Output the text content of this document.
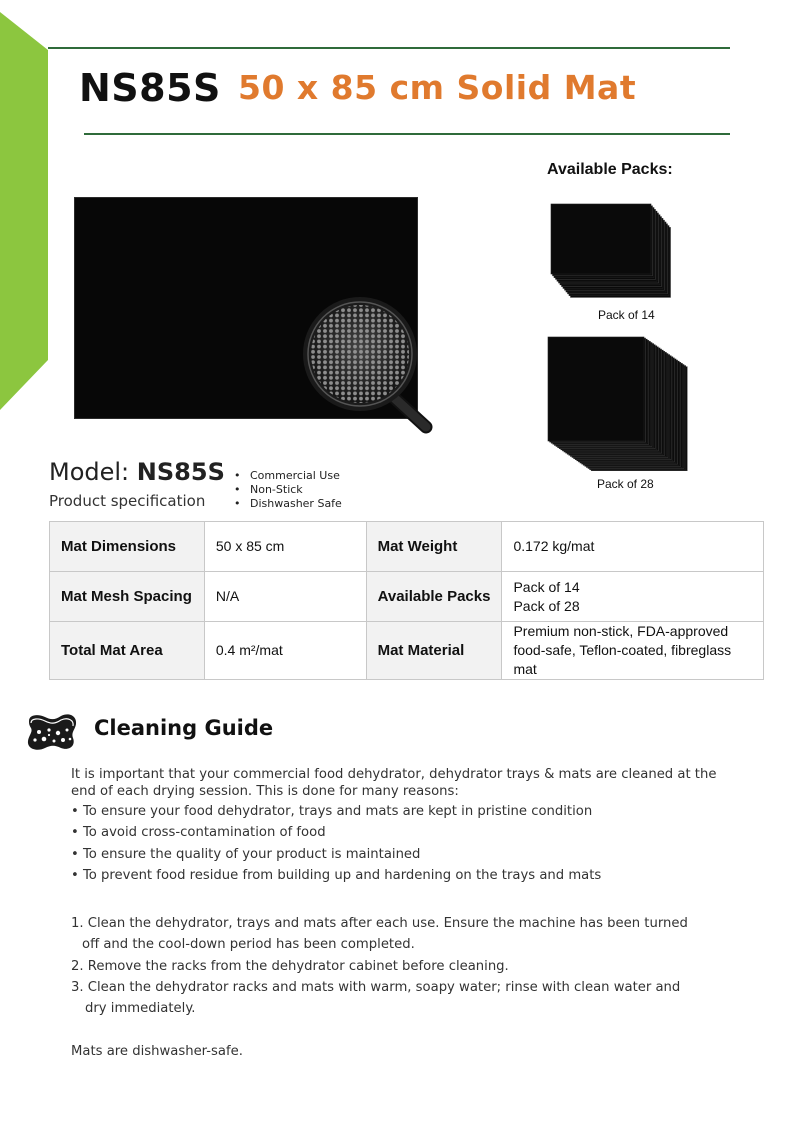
NS85S 50 x 85 cm Solid Mat
Available Packs:
Pack of 14
Pack of 28
Model: NS85S
Product specification
• Commercial Use
• Non-Stick
• Dishwasher Safe
Mat Dimensions	50 x 85 cm	Mat Weight	0.172 kg/mat
Mat Mesh Spacing	N/A	Available Packs	Pack of 14
Pack of 28
Total Mat Area	0.4 m²/mat	Mat Material	Premium non-stick, FDA-approved food-safe, Teflon-coated, fibreglass mat
Cleaning Guide
It is important that your commercial food dehydrator, dehydrator trays & mats are cleaned at the
end of each drying session. This is done for many reasons:
• To ensure your food dehydrator, trays and mats are kept in pristine condition
• To avoid cross-contamination of food
• To ensure the quality of your product is maintained
• To prevent food residue from building up and hardening on the trays and mats
1. Clean the dehydrator, trays and mats after each use. Ensure the machine has been turned
off and the cool-down period has been completed.
2. Remove the racks from the dehydrator cabinet before cleaning.
3. Clean the dehydrator racks and mats with warm, soapy water; rinse with clean water and
dry immediately.
Mats are dishwasher-safe.
